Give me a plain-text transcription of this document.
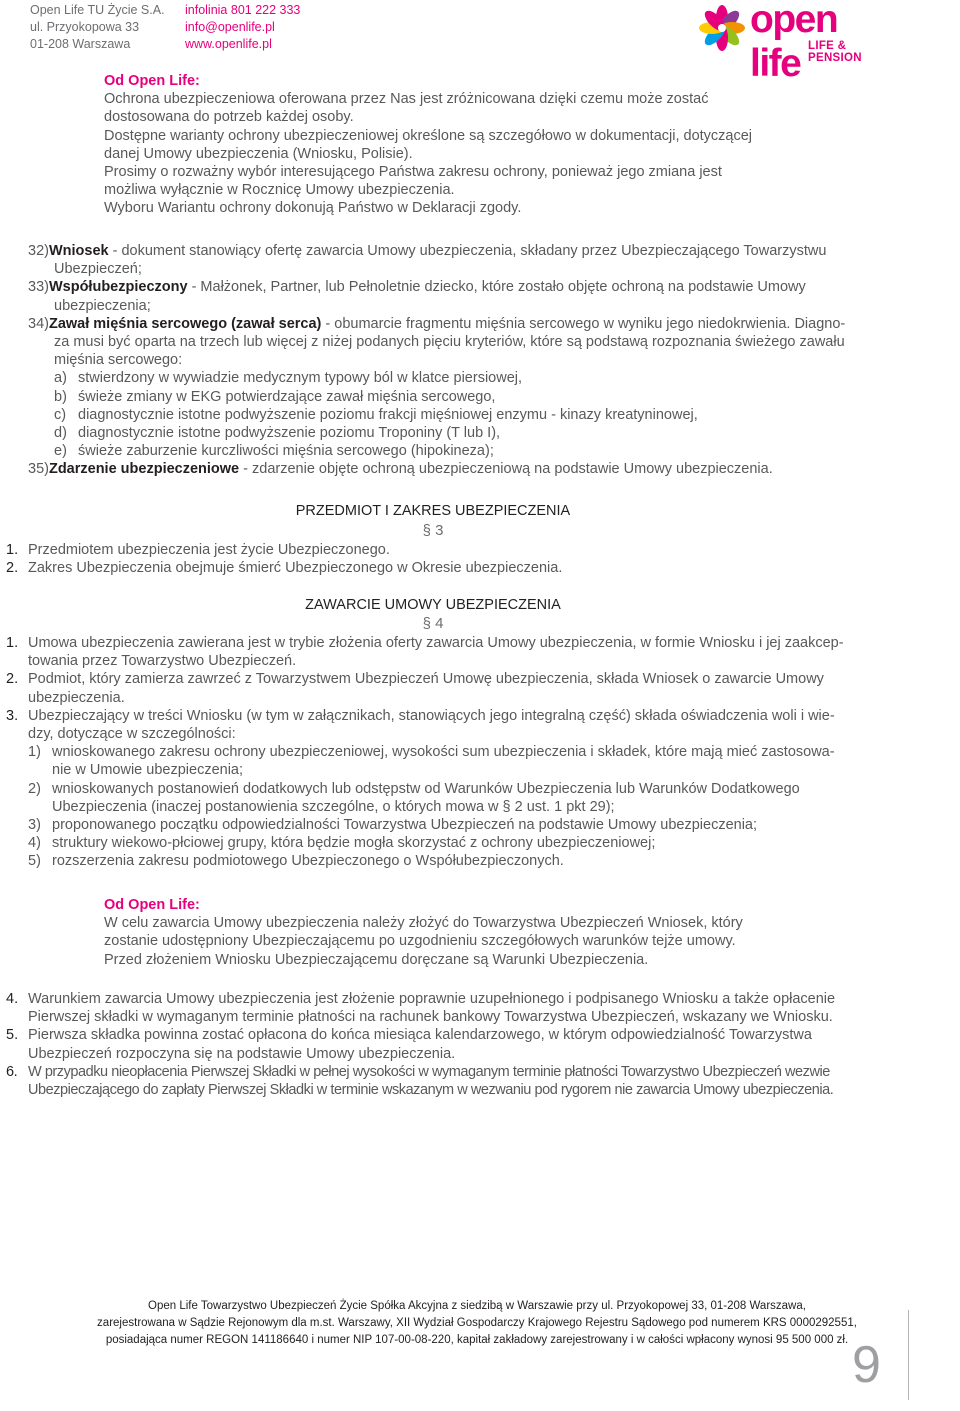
Open Life TU Życie S.A.
ul. Przyokopowa 33
01-208 Warszawa
infolinia 801 222 333
info@openlife.pl
www.openlife.pl
open life LIFE & PENSION
Od Open Life:
Ochrona ubezpieczeniowa oferowana przez Nas jest zróżnicowana dzięki czemu może zostać
dostosowana do potrzeb każdej osoby.
Dostępne warianty ochrony ubezpieczeniowej określone są szczegółowo w dokumentacji, dotyczącej
danej Umowy ubezpieczenia (Wniosku, Polisie).
Prosimy o rozważny wybór interesującego Państwa zakresu ochrony, ponieważ jego zmiana jest
możliwa wyłącznie w Rocznicę Umowy ubezpieczenia.
Wyboru Wariantu ochrony dokonują Państwo w Deklaracji zgody.
32)Wniosek - dokument stanowiący ofertę zawarcia Umowy ubezpieczenia, składany przez Ubezpieczającego Towarzystwu
Ubezpieczeń;
33)Współubezpieczony - Małżonek, Partner, lub Pełnoletnie dziecko, które zostało objęte ochroną na podstawie Umowy
ubezpieczenia;
34)Zawał mięśnia sercowego (zawał serca) - obumarcie fragmentu mięśnia sercowego w wyniku jego niedokrwienia. Diagno-
za musi być oparta na trzech lub więcej z niżej podanych pięciu kryteriów, które są podstawą rozpoznania świeżego zawału
mięśnia sercowego:
a) stwierdzony w wywiadzie medycznym typowy ból w klatce piersiowej,
b) świeże zmiany w EKG potwierdzające zawał mięśnia sercowego,
c) diagnostycznie istotne podwyższenie poziomu frakcji mięśniowej enzymu - kinazy kreatyninowej,
d) diagnostycznie istotne podwyższenie poziomu Troponiny (T lub I),
e) świeże zaburzenie kurczliwości mięśnia sercowego (hipokineza);
35)Zdarzenie ubezpieczeniowe - zdarzenie objęte ochroną ubezpieczeniową na podstawie Umowy ubezpieczenia.
PRZEDMIOT I ZAKRES UBEZPIECZENIA
§ 3
1. Przedmiotem ubezpieczenia jest życie Ubezpieczonego.
2. Zakres Ubezpieczenia obejmuje śmierć Ubezpieczonego w Okresie ubezpieczenia.
ZAWARCIE UMOWY UBEZPIECZENIA
§ 4
1. Umowa ubezpieczenia zawierana jest w trybie złożenia oferty zawarcia Umowy ubezpieczenia, w formie Wniosku i jej zaakcep-
towania przez Towarzystwo Ubezpieczeń.
2. Podmiot, który zamierza zawrzeć z Towarzystwem Ubezpieczeń Umowę ubezpieczenia, składa Wniosek o zawarcie Umowy
ubezpieczenia.
3. Ubezpieczający w treści Wniosku (w tym w załącznikach, stanowiących jego integralną część) składa oświadczenia woli i wie-
dzy, dotyczące w szczególności:
1) wnioskowanego zakresu ochrony ubezpieczeniowej, wysokości sum ubezpieczenia i składek, które mają mieć zastosowa-
nie w Umowie ubezpieczenia;
2) wnioskowanych postanowień dodatkowych lub odstępstw od Warunków Ubezpieczenia lub Warunków Dodatkowego
Ubezpieczenia (inaczej postanowienia szczególne, o których mowa w § 2 ust. 1 pkt 29);
3) proponowanego początku odpowiedzialności Towarzystwa Ubezpieczeń na podstawie Umowy ubezpieczenia;
4) struktury wiekowo-płciowej grupy, która będzie mogła skorzystać z ochrony ubezpieczeniowej;
5) rozszerzenia zakresu podmiotowego Ubezpieczonego o Współubezpieczonych.
Od Open Life:
W celu zawarcia Umowy ubezpieczenia należy złożyć do Towarzystwa Ubezpieczeń Wniosek, który
zostanie udostępniony Ubezpieczającemu po uzgodnieniu szczegółowych warunków tejże umowy.
Przed złożeniem Wniosku Ubezpieczającemu doręczane są Warunki Ubezpieczenia.
4. Warunkiem zawarcia Umowy ubezpieczenia jest złożenie poprawnie uzupełnionego i podpisanego Wniosku a także opłacenie
Pierwszej składki w wymaganym terminie płatności na rachunek bankowy Towarzystwa Ubezpieczeń, wskazany we Wniosku.
5. Pierwsza składka powinna zostać opłacona do końca miesiąca kalendarzowego, w którym odpowiedzialność Towarzystwa
Ubezpieczeń rozpoczyna się na podstawie Umowy ubezpieczenia.
6. W przypadku nieopłacenia Pierwszej Składki w pełnej wysokości w wymaganym terminie płatności Towarzystwo Ubezpieczeń wezwie
Ubezpieczającego do zapłaty Pierwszej Składki w terminie wskazanym w wezwaniu pod rygorem nie zawarcia Umowy ubezpieczenia.
Open Life Towarzystwo Ubezpieczeń Życie Spółka Akcyjna z siedzibą w Warszawie przy ul. Przyokopowej 33, 01-208 Warszawa,
zarejestrowana w Sądzie Rejonowym dla m.st. Warszawy, XII Wydział Gospodarczy Krajowego Rejestru Sądowego pod numerem KRS 0000292551,
posiadająca numer REGON 141186640 i numer NIP 107-00-08-220, kapitał zakładowy zarejestrowany i w całości wpłacony wynosi 95 500 000 zł. 9
